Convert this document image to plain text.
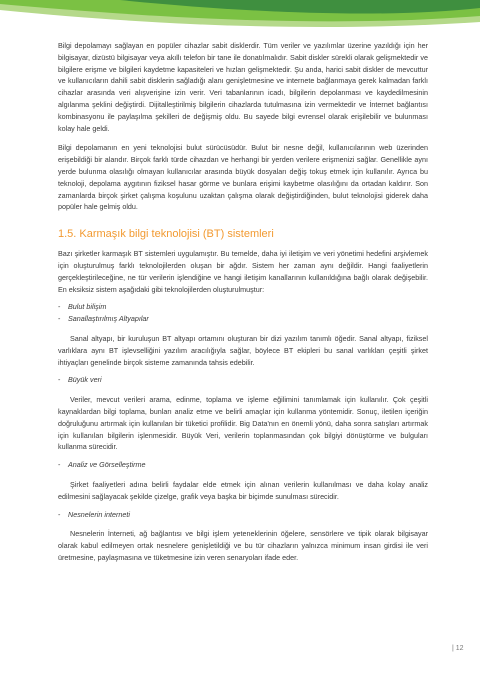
Bilgi depolamayı sağlayan en popüler cihazlar sabit disklerdir. Tüm veriler ve yazılımlar üzerine yazıldığı için her bilgisayar, dizüstü bilgisayar veya akıllı telefon bir tane ile donatılmalıdır. Sabit diskler sürekli olarak gelişmektedir ve bilgilere erişme ve bilgileri kaydetme kapasiteleri ve hızları gelişmektedir. Şu anda, harici sabit diskler de mevcuttur ve kullanıcıların dahili sabit disklerin sağladığı alanı genişletmesine ve internete bağlanmaya gerek kalmadan farklı cihazlar arasında veri alışverişine izin verir. Veri tabanlarının icadı, bilgilerin depolanması ve kaydedilmesinin algılanma şeklini değiştirdi. Dijitalleştirilmiş bilgilerin cihazlarda tutulmasına izin vermektedir ve İnternet bağlantısı kombinasyonu ile paylaşılma şekilleri de değişmiş oldu. Bu sayede bilgi evrensel olarak erişilebilir ve bulunması kolay hale geldi.

Bilgi depolamanın en yeni teknolojisi bulut sürücüsüdür. Bulut bir nesne değil, kullanıcılarının web üzerinden erişebildiği bir alandır. Birçok farklı türde cihazdan ve herhangi bir yerden verilere erişmenizi sağlar. Genellikle aynı yerde bulunma olasılığı olmayan kullanıcılar arasında büyük dosyaları değiş tokuş etmek için kullanılır. Ayrıca bu teknoloji, depolama aygıtının fiziksel hasar görme ve bunlara erişimi kaybetme olasılığını da ortadan kaldırır. Son zamanlarda birçok şirket çalışma koşulunu uzaktan çalışma olarak değiştirdiğinden, bulut teknolojisi giderek daha popüler hale gelmiş oldu.

1.5. Karmaşık bilgi teknolojisi (BT) sistemleri

Bazı şirketler karmaşık BT sistemleri uygulamıştır. Bu temelde, daha iyi iletişim ve veri yönetimi hedefini arşivlemek için oluşturulmuş farklı teknolojilerden oluşan bir ağdır. Sistem her zaman aynı değildir. Hangi faaliyetlerin gerçekleştirileceğine, ne tür verilerin işlendiğine ve hangi iletişim kanallarının kullanıldığına bağlı olarak değişebilir. En eksiksiz sistem aşağıdaki gibi teknolojilerden oluşturulmuştur:

- Bulut bilişim
- Sanallaştırılmış Altyapılar

Sanal altyapı, bir kuruluşun BT altyapı ortamını oluşturan bir dizi yazılım tanımlı öğedir. Sanal altyapı, fiziksel varlıklara aynı BT işlevselliğini yazılım aracılığıyla sağlar, böylece BT ekipleri bu sanal varlıkları çeşitli şirket ihtiyaçları genelinde birçok sisteme zamanında tahsis edebilir.

- Büyük veri

Veriler, mevcut verileri arama, edinme, toplama ve işleme eğilimini tanımlamak için kullanılır. Çok çeşitli kaynaklardan bilgi toplama, bunları analiz etme ve belirli amaçlar için kullanma yöntemidir. Sonuç, iletilen içeriğin doğruluğunu artırmak için kullanılan bir tüketici profilidir. Big Data'nın en önemli yönü, daha sonra satışları artırmak için kullanılan bilgilerin işlenmesidir. Büyük Veri, verilerin toplanmasından çok bilgiyi dönüştürme ve bulguları kullanma sürecidir.

- Analiz ve Görselleştirme

Şirket faaliyetleri adına belirli faydalar elde etmek için alınan verilerin kullanılması ve daha kolay analiz edilmesini sağlayacak şekilde çizelge, grafik veya başka bir biçimde sunulması sürecidir.

- Nesnelerin interneti

Nesnelerin İnterneti, ağ bağlantısı ve bilgi işlem yeteneklerinin öğelere, sensörlere ve tipik olarak bilgisayar olarak kabul edilmeyen ortak nesnelere genişletildiği ve bu tür cihazların yalnızca minimum insan girdisi ile veri üretmesine, paylaşmasına ve tüketmesine izin veren senaryoları ifade eder.

| 12
